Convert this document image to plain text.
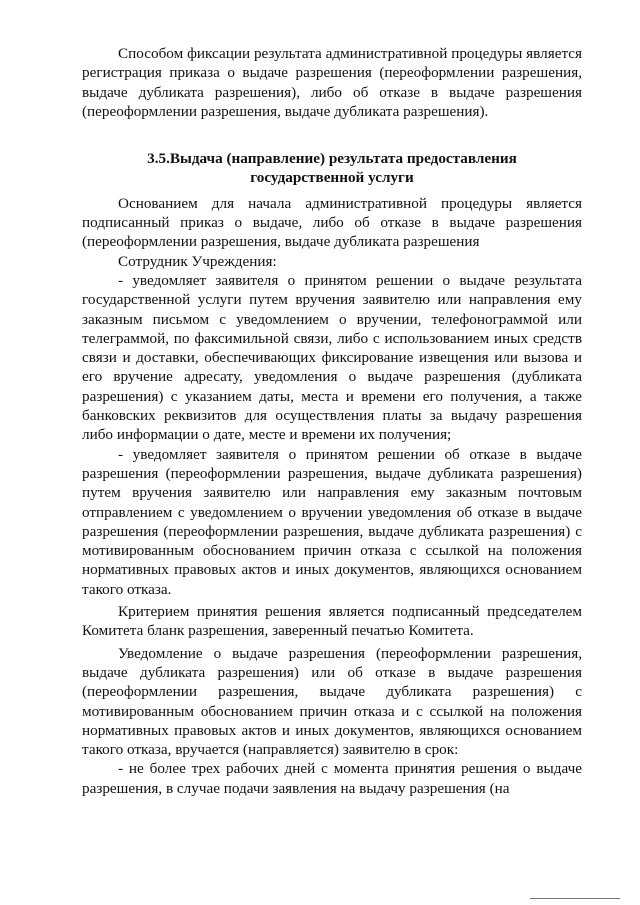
Способом фиксации результата административной процедуры является регистрация приказа о выдаче разрешения (переоформлении разрешения, выдаче дубликата разрешения), либо об отказе в выдаче разрешения (переоформлении разрешения, выдаче дубликата разрешения).

3.5.Выдача (направление) результата предоставления
государственной услуги

Основанием для начала административной процедуры является подписанный приказ о выдаче, либо об отказе в выдаче разрешения (переоформлении разрешения, выдаче дубликата разрешения

Сотрудник Учреждения:

- уведомляет заявителя о принятом решении о выдаче результата государственной услуги путем вручения заявителю или направления ему заказным письмом с уведомлением о вручении, телефонограммой или телеграммой, по факсимильной связи, либо с использованием иных средств связи и доставки, обеспечивающих фиксирование извещения или вызова и его вручение адресату, уведомления о выдаче разрешения (дубликата разрешения) с указанием даты, места и времени его получения, а также банковских реквизитов для осуществления платы за выдачу разрешения либо информации о дате, месте и времени их получения;

- уведомляет заявителя о принятом решении об отказе в выдаче разрешения (переоформлении разрешения, выдаче дубликата разрешения) путем вручения заявителю или направления ему заказным почтовым отправлением с уведомлением о вручении уведомления об отказе в выдаче разрешения (переоформлении разрешения, выдаче дубликата разрешения) с мотивированным обоснованием причин отказа с ссылкой на положения нормативных правовых актов и иных документов, являющихся основанием такого отказа.

Критерием принятия решения является подписанный председателем Комитета бланк разрешения, заверенный печатью Комитета.

Уведомление о выдаче разрешения (переоформлении разрешения, выдаче дубликата разрешения) или об отказе в выдаче разрешения (переоформлении разрешения, выдаче дубликата разрешения) с мотивированным обоснованием причин отказа и с ссылкой на положения нормативных правовых актов и иных документов, являющихся основанием такого отказа, вручается (направляется) заявителю в срок:

- не более трех рабочих дней с момента принятия решения о выдаче разрешения, в случае подачи заявления на выдачу разрешения (на
